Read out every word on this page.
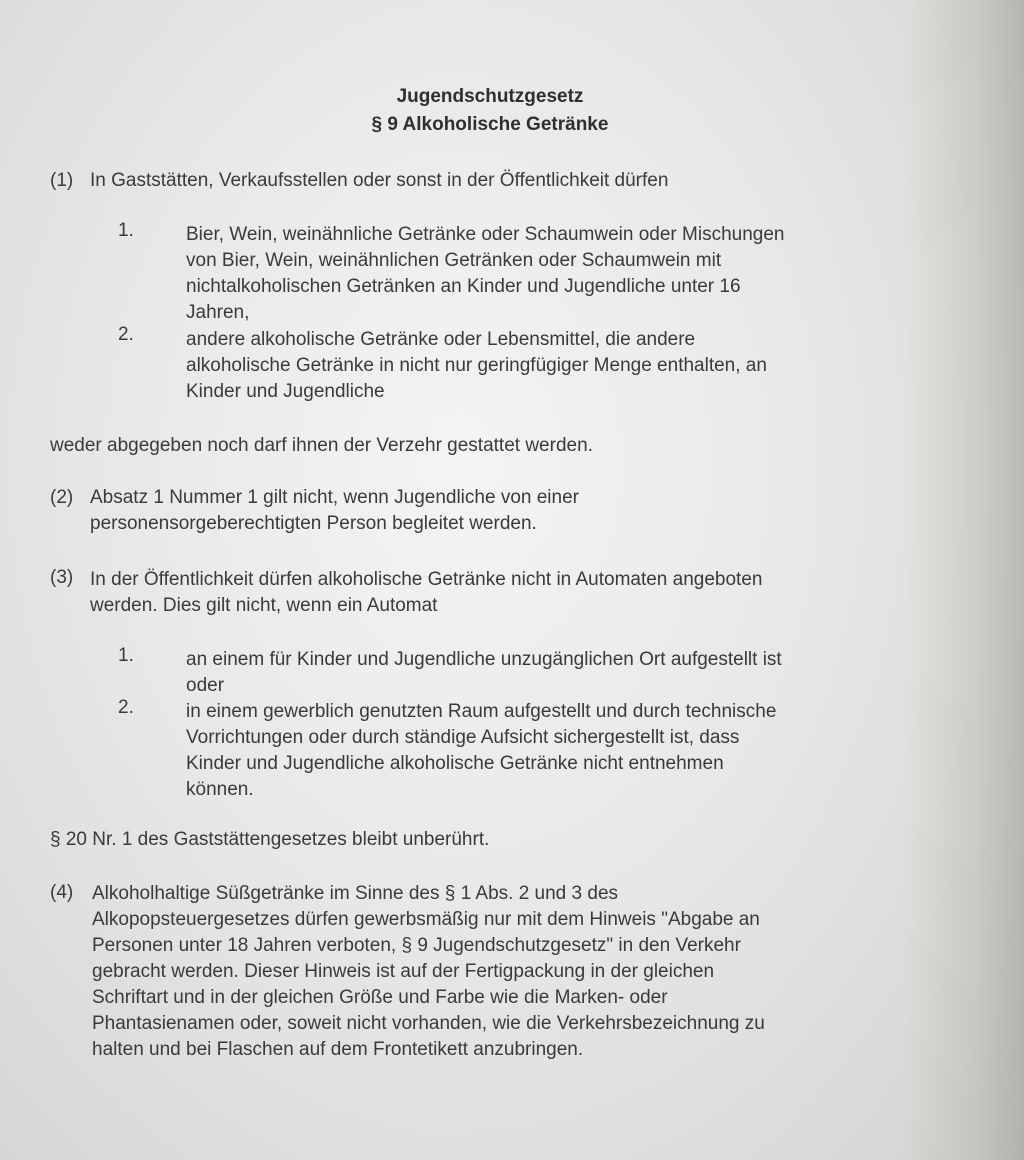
Jugendschutzgesetz
§ 9 Alkoholische Getränke
(1) In Gaststätten, Verkaufsstellen oder sonst in der Öffentlichkeit dürfen
1.	Bier, Wein, weinähnliche Getränke oder Schaumwein oder Mischungen
von Bier, Wein, weinähnlichen Getränken oder Schaumwein mit
nichtalkoholischen Getränken an Kinder und Jugendliche unter 16
Jahren,
2.	andere alkoholische Getränke oder Lebensmittel, die andere
alkoholische Getränke in nicht nur geringfügiger Menge enthalten, an
Kinder und Jugendliche
weder abgegeben noch darf ihnen der Verzehr gestattet werden.
(2) Absatz 1 Nummer 1 gilt nicht, wenn Jugendliche von einer
personensorgeberechtigten Person begleitet werden.
(3) In der Öffentlichkeit dürfen alkoholische Getränke nicht in Automaten angeboten
werden. Dies gilt nicht, wenn ein Automat
1.	an einem für Kinder und Jugendliche unzugänglichen Ort aufgestellt ist
oder
2.	in einem gewerblich genutzten Raum aufgestellt und durch technische
Vorrichtungen oder durch ständige Aufsicht sichergestellt ist, dass
Kinder und Jugendliche alkoholische Getränke nicht entnehmen
können.
§ 20 Nr. 1 des Gaststättengesetzes bleibt unberührt.
(4) Alkoholhaltige Süßgetränke im Sinne des § 1 Abs. 2 und 3 des
Alkopopsteuergesetzes dürfen gewerbsmäßig nur mit dem Hinweis "Abgabe an
Personen unter 18 Jahren verboten, § 9 Jugendschutzgesetz" in den Verkehr
gebracht werden. Dieser Hinweis ist auf der Fertigpackung in der gleichen
Schriftart und in der gleichen Größe und Farbe wie die Marken- oder
Phantasienamen oder, soweit nicht vorhanden, wie die Verkehrsbezeichnung zu
halten und bei Flaschen auf dem Frontetikett anzubringen.
